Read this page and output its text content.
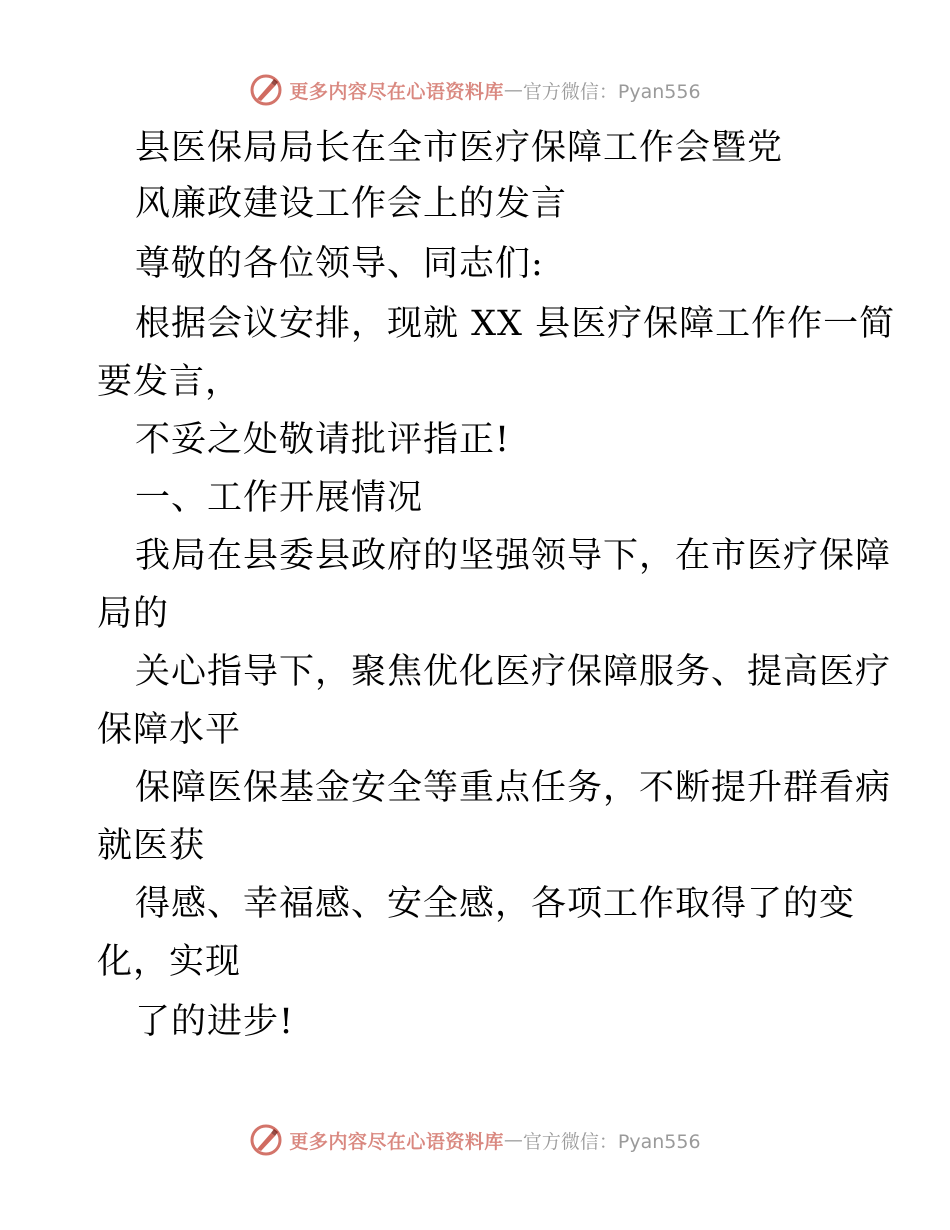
更多内容尽在心语资料库 — 官方微信：Pyan556
县医保局局长在全市医疗保障工作会暨党
风廉政建设工作会上的发言
尊敬的各位领导、同志们:
根据会议安排，现就 XX 县医疗保障工作作一简
要发言，
不妥之处敬请批评指正!
一、工作开展情况
我局在县委县政府的坚强领导下，在市医疗保障
局的
关心指导下，聚焦优化医疗保障服务、提高医疗
保障水平
保障医保基金安全等重点任务，不断提升群看病
就医获
得感、幸福感、安全感，各项工作取得了的变
化，实现
了的进步!
更多内容尽在心语资料库 — 官方微信：Pyan556
